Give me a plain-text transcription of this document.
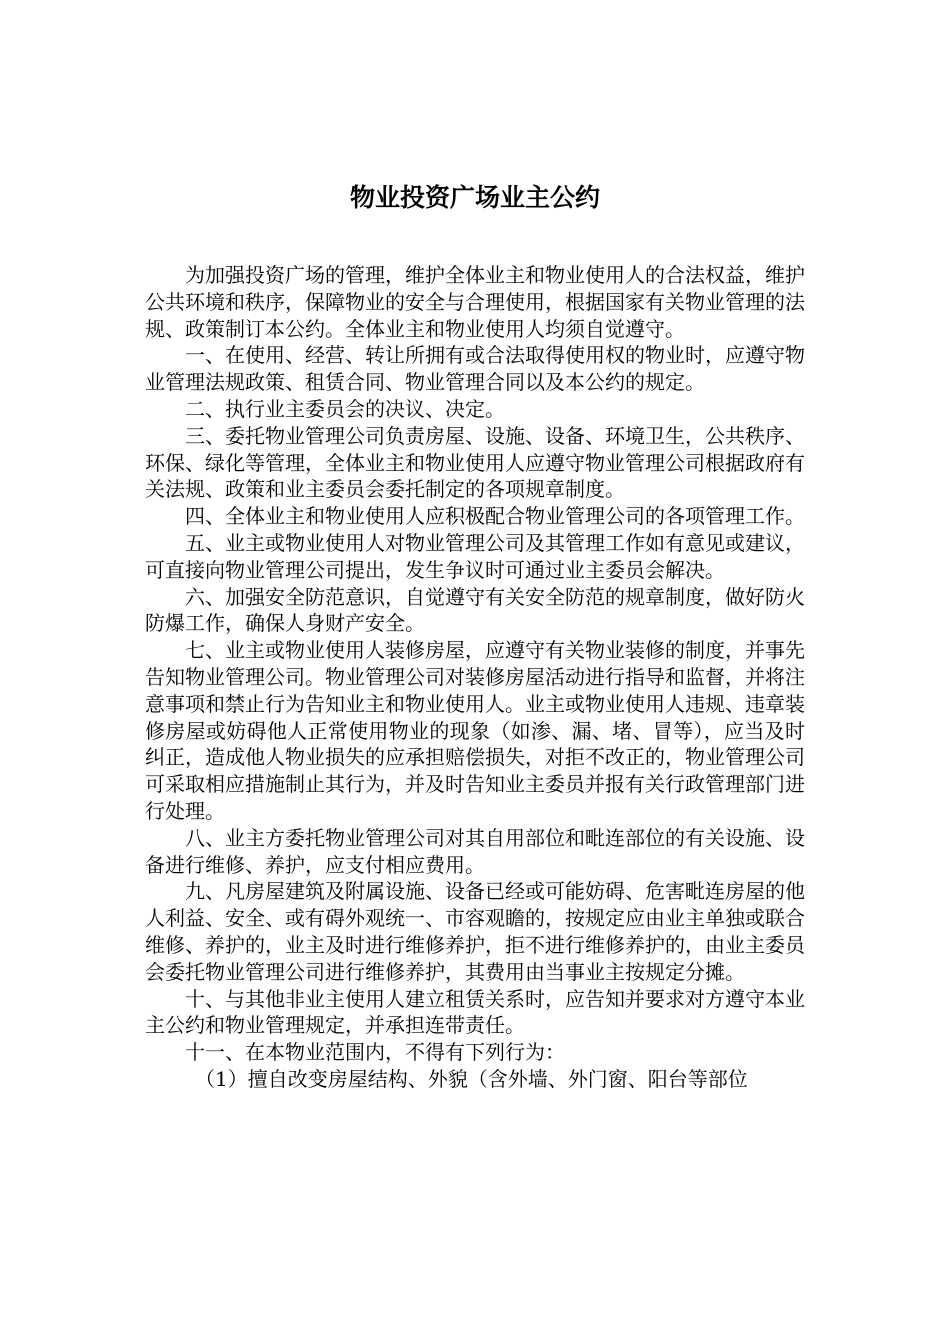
物业投资广场业主公约

为加强投资广场的管理，维护全体业主和物业使用人的合法权益，维护公共环境和秩序，保障物业的安全与合理使用，根据国家有关物业管理的法规、政策制订本公约。全体业主和物业使用人均须自觉遵守。

一、在使用、经营、转让所拥有或合法取得使用权的物业时，应遵守物业管理法规政策、租赁合同、物业管理合同以及本公约的规定。

二、执行业主委员会的决议、决定。

三、委托物业管理公司负责房屋、设施、设备、环境卫生，公共秩序、环保、绿化等管理，全体业主和物业使用人应遵守物业管理公司根据政府有关法规、政策和业主委员会委托制定的各项规章制度。

四、全体业主和物业使用人应积极配合物业管理公司的各项管理工作。

五、业主或物业使用人对物业管理公司及其管理工作如有意见或建议，可直接向物业管理公司提出，发生争议时可通过业主委员会解决。

六、加强安全防范意识，自觉遵守有关安全防范的规章制度，做好防火防爆工作，确保人身财产安全。

七、业主或物业使用人装修房屋，应遵守有关物业装修的制度，并事先告知物业管理公司。物业管理公司对装修房屋活动进行指导和监督，并将注意事项和禁止行为告知业主和物业使用人。业主或物业使用人违规、违章装修房屋或妨碍他人正常使用物业的现象（如渗、漏、堵、冒等），应当及时纠正，造成他人物业损失的应承担赔偿损失，对拒不改正的，物业管理公司可采取相应措施制止其行为，并及时告知业主委员并报有关行政管理部门进行处理。

八、业主方委托物业管理公司对其自用部位和毗连部位的有关设施、设备进行维修、养护，应支付相应费用。

九、凡房屋建筑及附属设施、设备已经或可能妨碍、危害毗连房屋的他人利益、安全、或有碍外观统一、市容观瞻的，按规定应由业主单独或联合维修、养护的，业主及时进行维修养护，拒不进行维修养护的，由业主委员会委托物业管理公司进行维修养护，其费用由当事业主按规定分摊。

十、与其他非业主使用人建立租赁关系时，应告知并要求对方遵守本业主公约和物业管理规定，并承担连带责任。

十一、在本物业范围内，不得有下列行为：

（1）擅自改变房屋结构、外貌（含外墙、外门窗、阳台等部位
